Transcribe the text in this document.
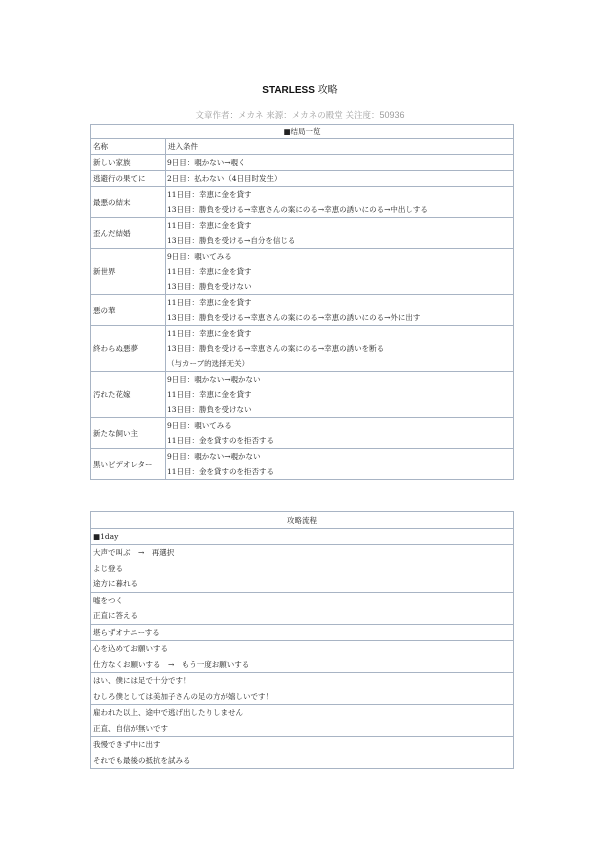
STARLESS 攻略
文章作者：メカネ 来源：メカネの殿堂 关注度：50936
■结局一览	
名称	进入条件
新しい家族	9日目：覗かない→覗く

逃避行の果てに	2日目：払わない（4日目时发生）

最悪の結末	11日目：幸恵に金を貸す
13日目：勝負を受ける→幸恵さんの案にのる→幸恵の誘いにのる→中出しする

歪んだ結婚	11日目：幸恵に金を貸す
13日目：勝負を受ける→自分を信じる

新世界	9日目：覗いてみる
11日目：幸恵に金を貸す
13日目：勝負を受けない

悪の華	11日目：幸恵に金を貸す
13日目：勝負を受ける→幸恵さんの案にのる→幸恵の誘いにのる→外に出す

終わらぬ悪夢	11日目：幸恵に金を貸す
13日目：勝負を受ける→幸恵さんの案にのる→幸恵の誘いを断る
（与カーブ的选择无关）

汚れた花嫁	9日目：覗かない→覗かない
11日目：幸恵に金を貸す
13日目：勝負を受けない

新たな飼い主	9日目：覗いてみる
11日目：金を貸すのを拒否する

黒いビデオレター	9日目：覗かない→覗かない
11日目：金を貸すのを拒否する
攻略流程
■1day

大声で叫ぶ　→　再選択
よじ登る
途方に暮れる

嘘をつく
正直に答える

堪らずオナニーする

心を込めてお願いする
仕方なくお願いする　→　もう一度お願いする

はい、僕には足で十分です！
むしろ僕としては美加子さんの足の方が嬉しいです！

雇われた以上、途中で逃げ出したりしません
正直、自信が無いです

我慢できず中に出す
それでも最後の抵抗を試みる
